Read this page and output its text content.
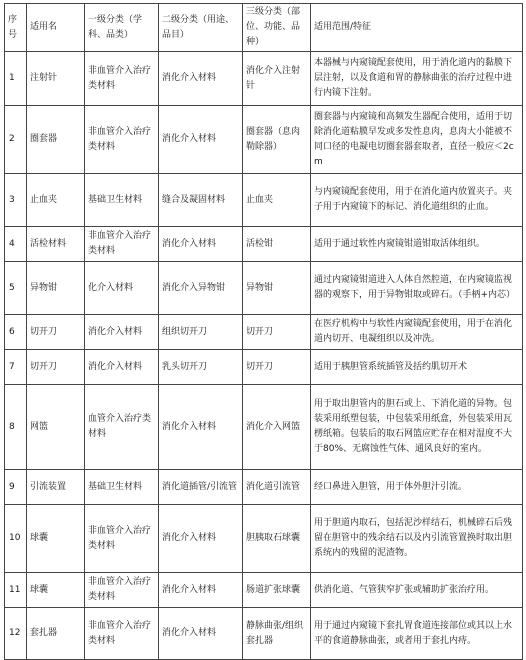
序号	适用名	一级分类（学科、品类）	二级分类（用途、品目）	三级分类（部位、功能、品种）	适用范围/特征
1	注射针	非血管介入治疗类材料	消化介入材料	消化介入注射针	本器械与内窥镜配套使用，用于消化道内的黏膜下层注射，以及食道和胃的静脉曲张的治疗过程中进行内镜下注射。
2	圈套器	非血管介入治疗类材料	消化介入材料	圈套器（息肉勒除器）	圈套器与内窥镜和高频发生器配合使用，适用于切除消化道粘膜早发或多发性息肉，息肉大小能被不同口径的电凝电切圈套器套取者，直径一般应＜2cm
3	止血夹	基础卫生材料	缝合及凝固材料	止血夹	与内窥镜配套使用，用于在消化道内放置夹子。夹子用于内窥镜下的标记、消化道组织的止血。
4	活检材料	非血管介入治疗类材料	消化介入材料	活检钳	适用于通过软性内窥镜钳道钳取活体组织。
5	异物钳	化介入材料	消化介入异物钳	异物钳	通过内窥镜钳道进入人体自然腔道，在内窥镜监视器的观察下，用于异物钳取或碎石。（手柄+内芯）
6	切开刀	消化介入材料	组织切开刀	切开刀	在医疗机构中与软性内窥镜配套使用，用于在消化道内切开、电凝组织以及冲洗。
7	切开刀	消化介入材料	乳头切开刀	切开刀	适用于胰胆管系统插管及括约肌切开术
8	网篮	血管介入治疗类材料	消化介入材料	消化介入网篮	用于取出胆管内的胆石或上、下消化道的异物。包装采用纸塑包装，中包装采用纸盒，外包装采用瓦楞纸箱。包装后的取石网篮应贮存在相对湿度不大于80%、无腐蚀性气体、通风良好的室内。
9	引流装置	基础卫生材料	消化道插管/引流管	消化道引流管	经口鼻进入胆管，用于体外胆汁引流。
10	球囊	非血管介入治疗类材料	消化介入材料	胆胰取石球囊	用于胆道内取石，包括泥沙样结石，机械碎石后残留在胆管中的残余结石以及内引流管置换时取出胆系统内的残留的泥渣物。
11	球囊	非血管介入治疗类材料	消化介入材料	肠道扩张球囊	供消化道、气管狭窄扩张或辅助扩张治疗用。
12	套扎器	非血管介入治疗类材料	消化介入材料	静脉曲张/组织套扎器	用于通过内窥镜下套扎胃食道连接部位或其以上水平的食道静脉曲张，或者用于套扎内痔。
